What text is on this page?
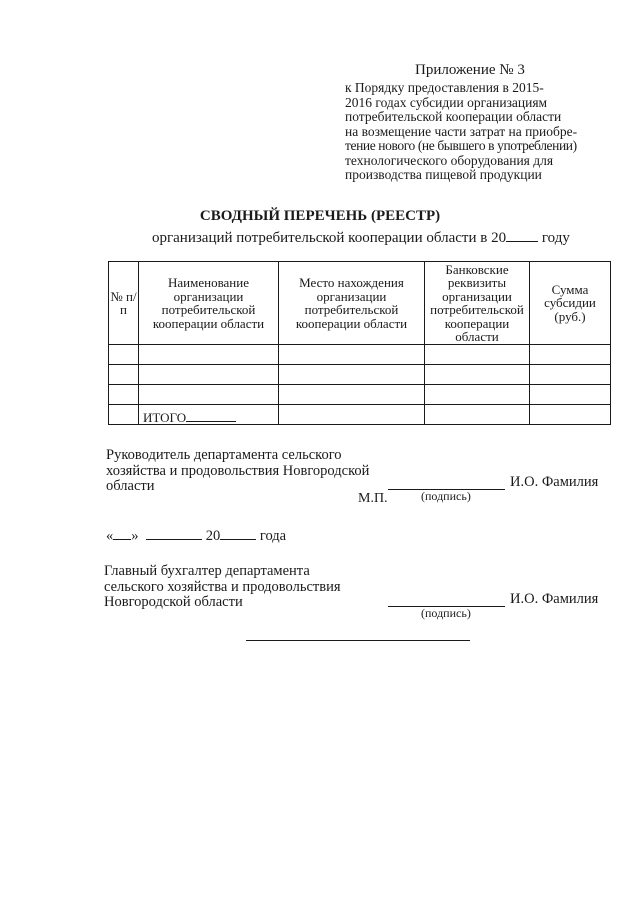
Приложение № 3
к Порядку предоставления в 2015-
2016 годах субсидии организациям
потребительской кооперации области
на возмещение части затрат на приобре-
тение нового (не бывшего в употреблении)
технологического оборудования для
производства пищевой продукции
СВОДНЫЙ ПЕРЕЧЕНЬ (РЕЕСТР)
организаций потребительской кооперации области в 20 году
№ п/п	Наименование организации потребительской кооперации области	Место нахождения организации потребительской кооперации области	Банковские реквизиты организации потребительской кооперации области	Сумма субсидии (руб.)

	ИТОГО			
Руководитель департамента сельского
хозяйства и продовольствия Новгородской
области	И.О. Фамилия
М.П.	(подпись)
« »	20	года
Главный бухгалтер департамента
сельского хозяйства и продовольствия
Новгородской области	И.О. Фамилия
(подпись)
